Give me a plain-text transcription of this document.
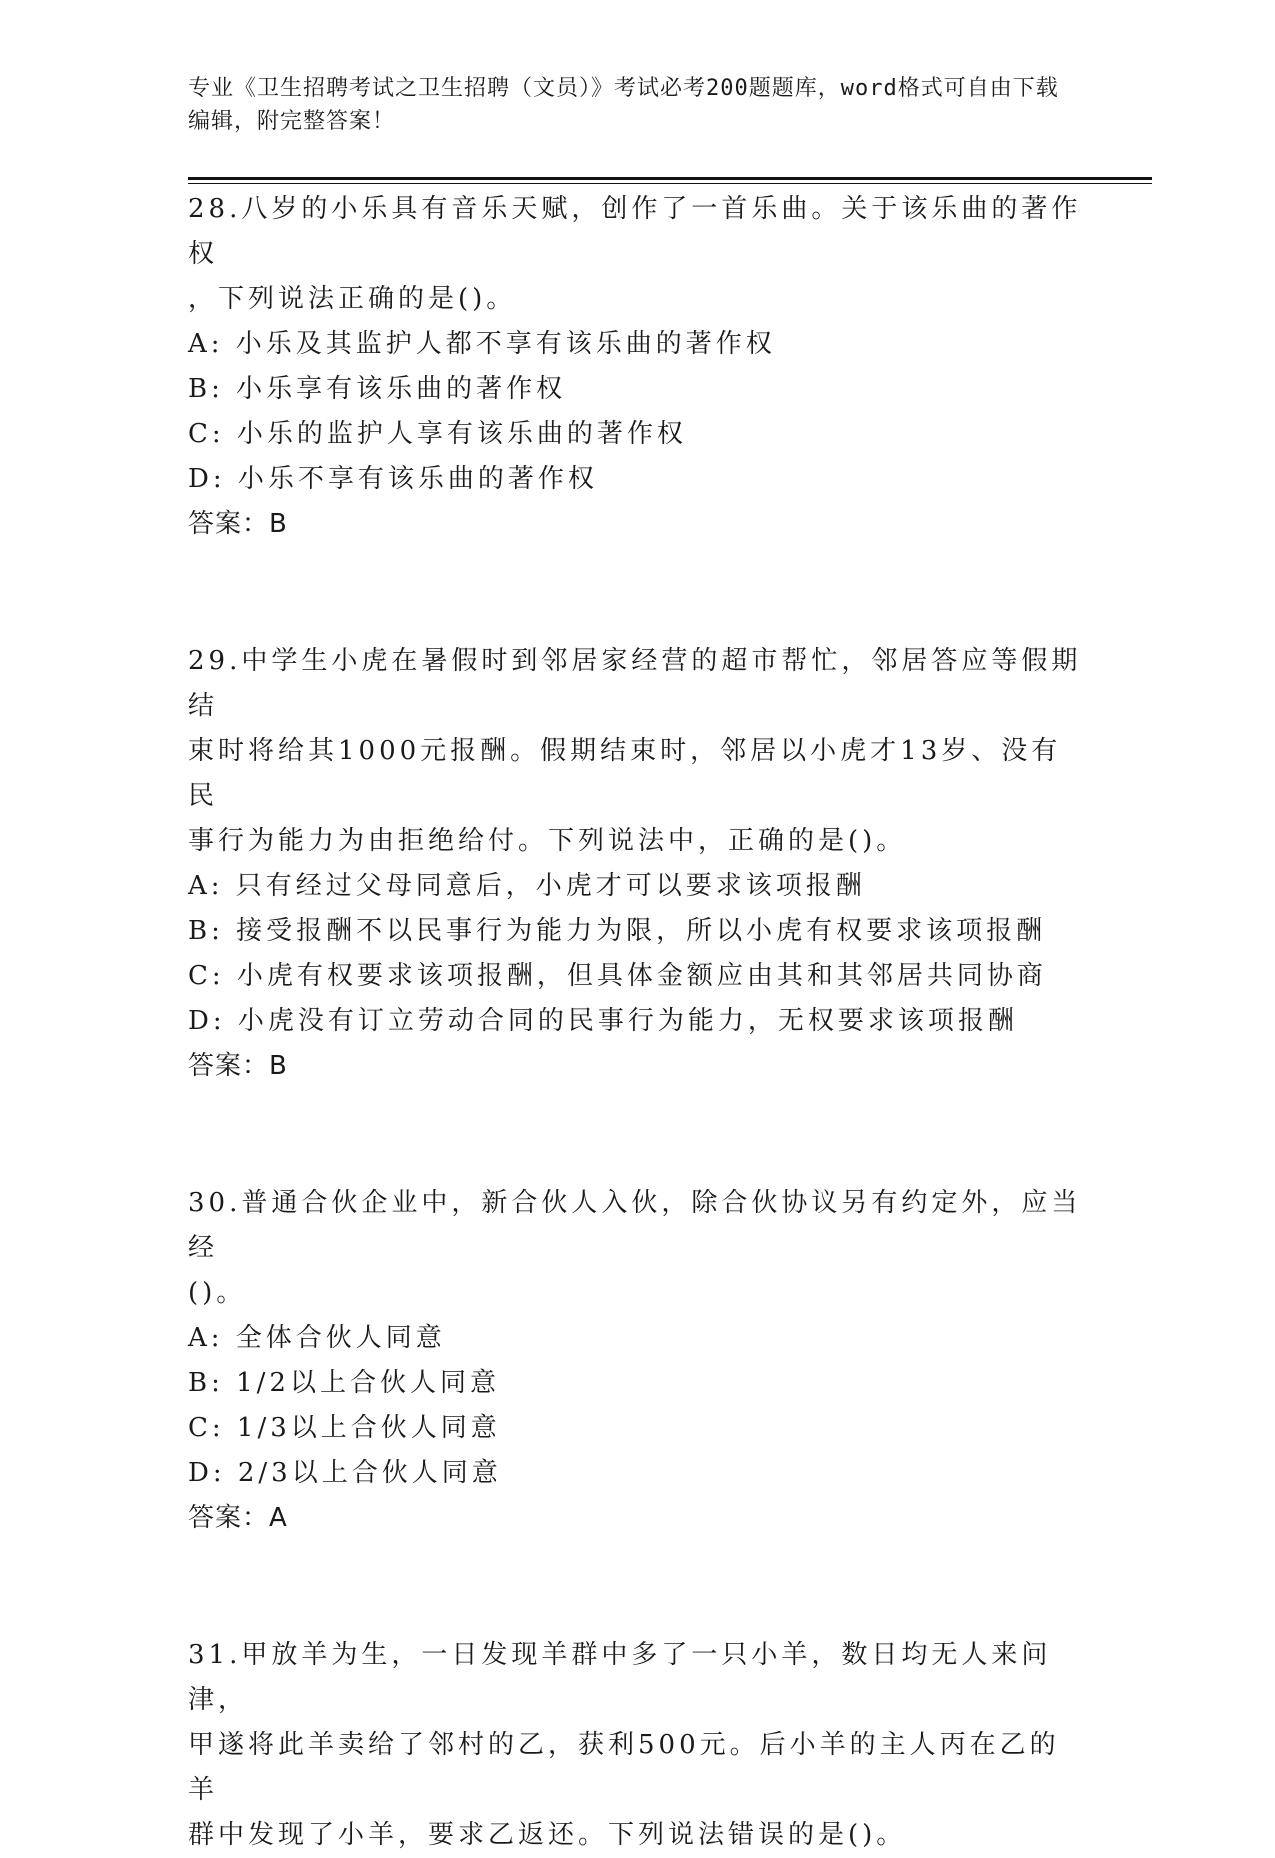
专业《卫生招聘考试之卫生招聘（文员）》考试必考200题题库，word格式可自由下载编辑，附完整答案！

28.八岁的小乐具有音乐天赋，创作了一首乐曲。关于该乐曲的著作权

，下列说法正确的是()。

A: 小乐及其监护人都不享有该乐曲的著作权

B: 小乐享有该乐曲的著作权

C: 小乐的监护人享有该乐曲的著作权

D: 小乐不享有该乐曲的著作权

答案：B

29.中学生小虎在暑假时到邻居家经营的超市帮忙，邻居答应等假期结

束时将给其1000元报酬。假期结束时，邻居以小虎才13岁、没有民

事行为能力为由拒绝给付。下列说法中，正确的是()。

A: 只有经过父母同意后，小虎才可以要求该项报酬

B: 接受报酬不以民事行为能力为限，所以小虎有权要求该项报酬

C: 小虎有权要求该项报酬，但具体金额应由其和其邻居共同协商

D: 小虎没有订立劳动合同的民事行为能力，无权要求该项报酬

答案：B

30.普通合伙企业中，新合伙人入伙，除合伙协议另有约定外，应当经

()。

A: 全体合伙人同意

B: 1/2以上合伙人同意

C: 1/3以上合伙人同意

D: 2/3以上合伙人同意

答案：A

31.甲放羊为生，一日发现羊群中多了一只小羊，数日均无人来问津，

甲遂将此羊卖给了邻村的乙，获利500元。后小羊的主人丙在乙的羊

群中发现了小羊，要求乙返还。下列说法错误的是()。
